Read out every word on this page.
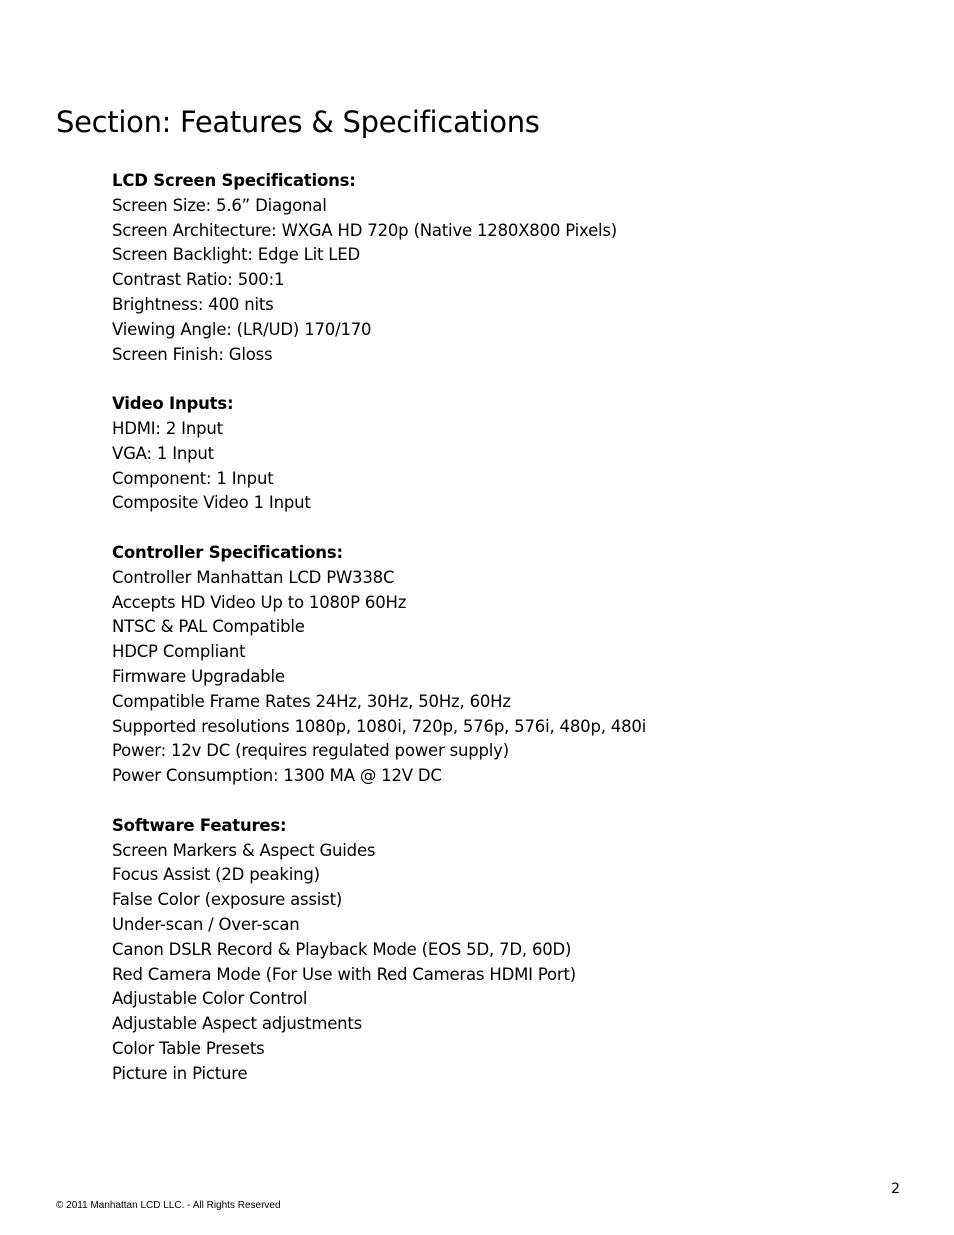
Section: Features & Specifications

LCD Screen Specifications:

Screen Size: 5.6” Diagonal

Screen Architecture: WXGA HD 720p (Native 1280X800 Pixels)

Screen Backlight: Edge Lit LED

Contrast Ratio: 500:1

Brightness: 400 nits

Viewing Angle: (LR/UD) 170/170

Screen Finish: Gloss

Video Inputs:

HDMI: 2 Input

VGA: 1 Input

Component: 1 Input

Composite Video 1 Input

Controller Specifications:

Controller Manhattan LCD PW338C

Accepts HD Video Up to 1080P 60Hz

NTSC & PAL Compatible

HDCP Compliant

Firmware Upgradable

Compatible Frame Rates 24Hz, 30Hz, 50Hz, 60Hz

Supported resolutions 1080p, 1080i, 720p, 576p, 576i, 480p, 480i

Power: 12v DC (requires regulated power supply)

Power Consumption: 1300 MA @ 12V DC

Software Features:

Screen Markers & Aspect Guides

Focus Assist (2D peaking)

False Color (exposure assist)

Under-scan / Over-scan

Canon DSLR Record & Playback Mode (EOS 5D, 7D, 60D)

Red Camera Mode (For Use with Red Cameras HDMI Port)

Adjustable Color Control

Adjustable Aspect adjustments

Color Table Presets

Picture in Picture

2
© 2011 Manhattan LCD LLC. - All Rights Reserved
